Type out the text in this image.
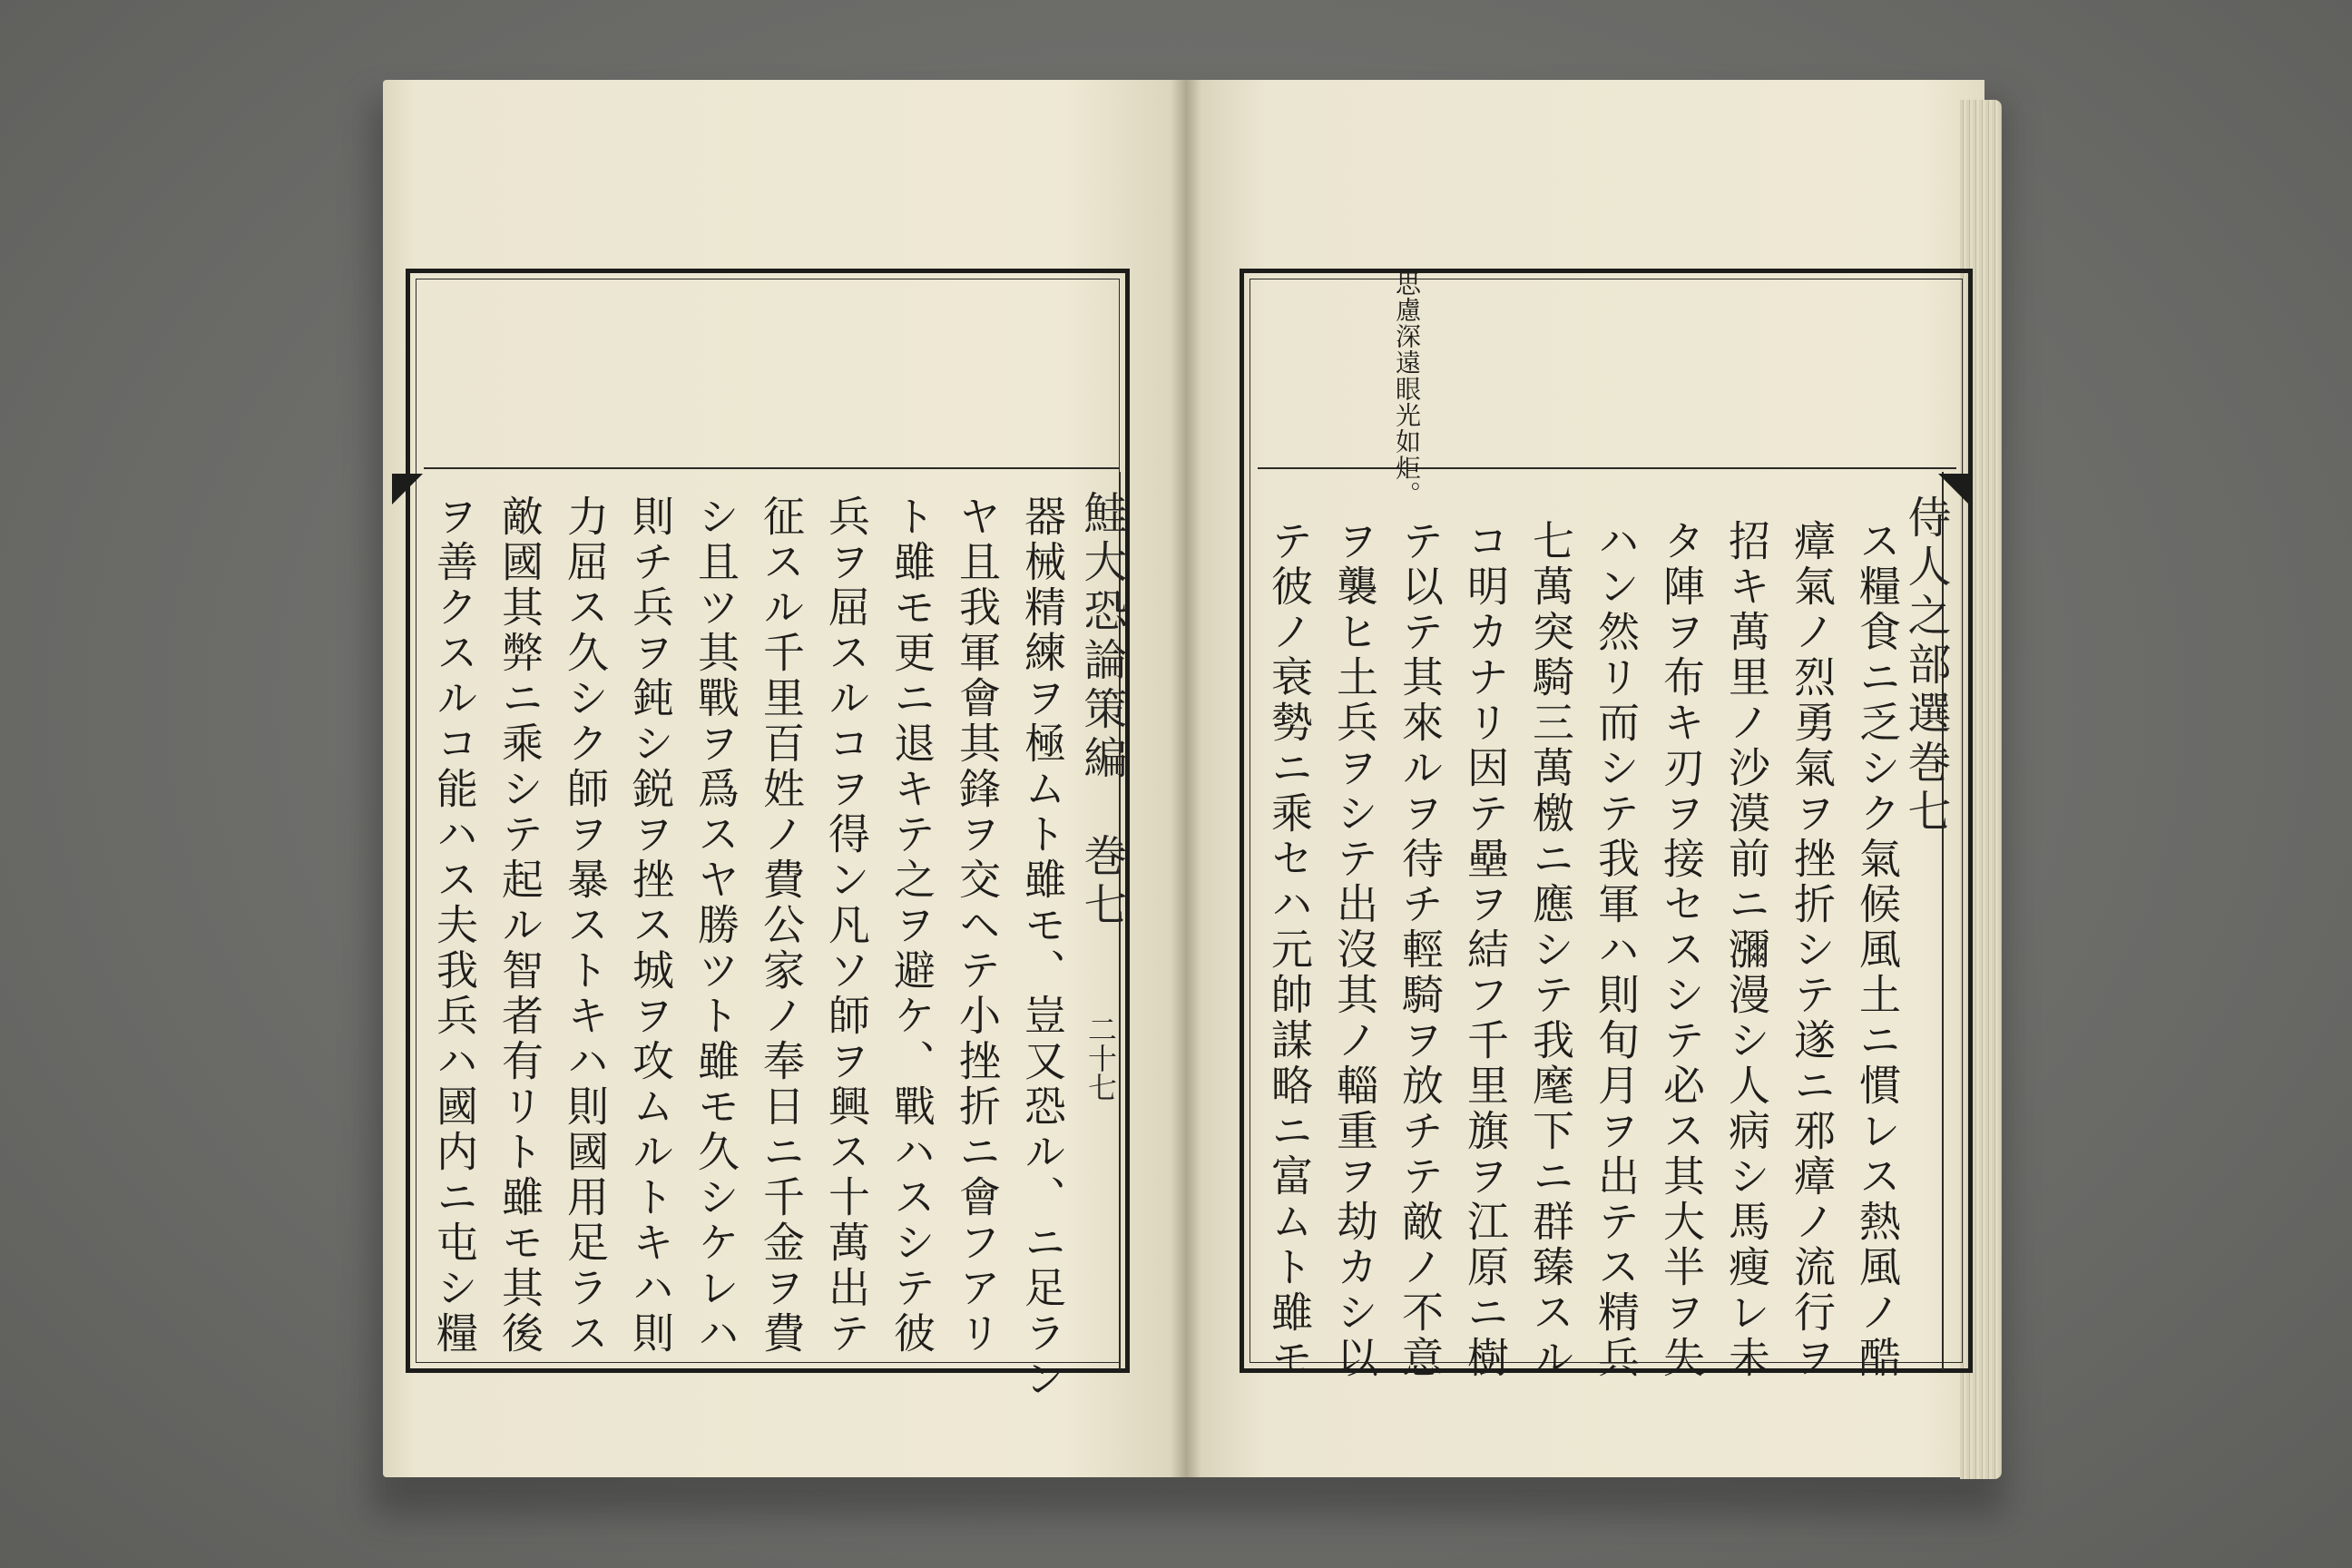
鮭大恐論策編　巻七
二十七
器械精練ヲ極ムト雖モ、豈又恐ル、ニ足ラン
ヤ且我軍會其鋒ヲ交ヘテ小挫折ニ會フアリ
ト雖モ更ニ退キテ之ヲ避ケ、戰ハスシテ彼
兵ヲ屈スルコヲ得ン凡ソ師ヲ興ス十萬出テ
征スル千里百姓ノ費公家ノ奉日ニ千金ヲ費
シ且ツ其戰ヲ爲スヤ勝ツト雖モ久シケレハ
則チ兵ヲ鈍シ鋭ヲ挫ス城ヲ攻ムルトキハ則
力屈ス久シク師ヲ暴ストキハ則國用足ラス
敵國其弊ニ乘シテ起ル智者有リト雖モ其後
ヲ善クスルコ能ハス夫我兵ハ國内ニ屯シ糧
思慮深遠眼光如炬。
侍人之部選巻七
ス糧食ニ乏シク氣候風土ニ慣レス熱風ノ酷
瘴氣ノ烈勇氣ヲ挫折シテ遂ニ邪瘴ノ流行ヲ
招キ萬里ノ沙漠前ニ瀰漫シ人病シ馬瘦レ未
タ陣ヲ布キ刃ヲ接セスシテ必ス其大半ヲ失
ハン然リ而シテ我軍ハ則旬月ヲ出テス精兵
七萬突騎三萬檄ニ應シテ我麾下ニ群臻スル
コ明カナリ因テ壘ヲ結フ千里旗ヲ江原ニ樹
テ以テ其來ルヲ待チ輕騎ヲ放チテ敵ノ不意
ヲ襲ヒ土兵ヲシテ出沒其ノ輜重ヲ劫カシ以
テ彼ノ衰勢ニ乘セハ元帥謀略ニ富ムト雖モ
